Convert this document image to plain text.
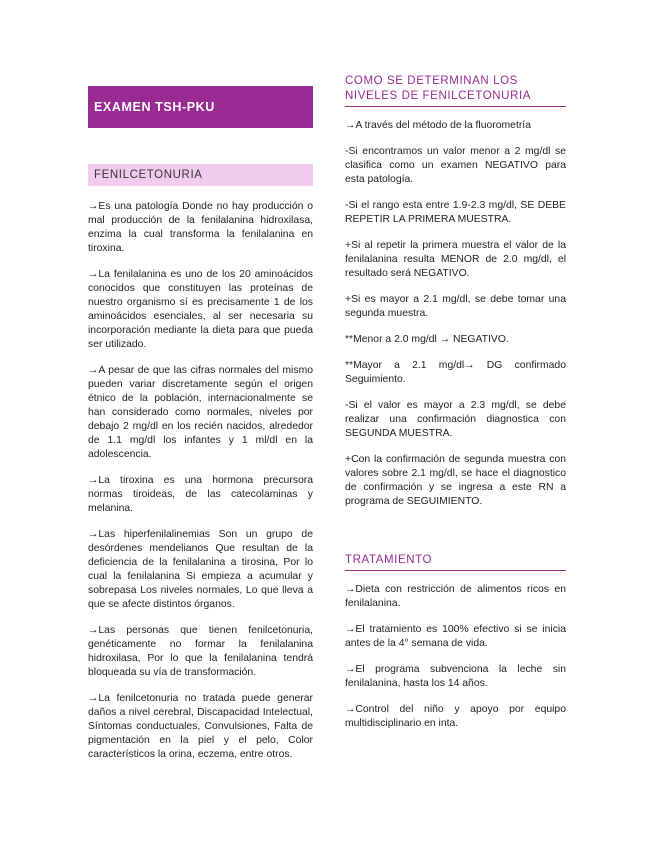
EXAMEN TSH-PKU
FENILCETONURIA

→Es una patología Donde no hay producción o mal producción de la fenilalanina hidroxilasa, enzima la cual transforma la fenilalanina en tiroxina.

→La fenilalanina es uno de los 20 aminoácidos conocidos que constituyen las proteínas de nuestro organismo sí es precisamente 1 de los aminoácidos esenciales, al ser necesaria su incorporación mediante la dieta para que pueda ser utilizado.

→A pesar de que las cifras normales del mismo pueden variar discretamente según el origen étnico de la población, internacionalmente se han considerado como normales, niveles por debajo 2 mg/dl en los recién nacidos, alrededor de 1.1 mg/dl los infantes y 1 ml/dl en la adolescencia.

→La tiroxina es una hormona precursora normas tiroideas, de las catecolaminas y melanina.

→Las hiperfenilalinemias Son un grupo de desórdenes mendelianos Que resultan de la deficiencia de la fenilalanina a tirosina, Por lo cual la fenilalanina Si empieza a acumular y sobrepasa Los niveles normales, Lo que lleva a que se afecte distintos órganos.

→Las personas que tienen fenilcetonuria, genéticamente no formar la fenilalanina hidroxilasa, Por lo que la fenilalanina tendrá bloqueada su vía de transformación.

→La fenilcetonuria no tratada puede generar daños a nivel cerebral, Discapacidad Intelectual, Síntomas conductuales, Convulsiones, Falta de pigmentación en la piel y el pelo, Color característicos la orina, eczema, entre otros.

COMO SE DETERMINAN LOS NIVELES DE FENILCETONURIA

→A través del método de la fluorometría

-Si encontramos un valor menor a 2 mg/dl se clasifica como un examen NEGATIVO para esta patología.

-Si el rango esta entre 1.9-2.3 mg/dl, SE DEBE REPETIR LA PRIMERA MUESTRA.

+Si al repetir la primera muestra el valor de la fenilalanina resulta MENOR de 2.0 mg/dl, el resultado será NEGATIVO.

+Si es mayor a 2.1 mg/dl, se debe tomar una segunda muestra.

**Menor a 2.0 mg/dl → NEGATIVO.

**Mayor a 2.1 mg/dl→ DG confirmado Seguimiento.

-Si el valor es mayor a 2.3 mg/dl, se debe realizar una confirmación diagnostica con SEGUNDA MUESTRA.

+Con la confirmación de segunda muestra con valores sobre 2.1 mg/dl, se hace el diagnostico de confirmación y se ingresa a este RN a programa de SEGUIMIENTO.

TRATAMIENTO

→Dieta con restricción de alimentos ricos en fenilalanina.

→El tratamiento es 100% efectivo si se inicia antes de la 4° semana de vida.

→El programa subvenciona la leche sin fenilalanina, hasta los 14 años.

→Control del niño y apoyo por equipo multidisciplinario en inta.
